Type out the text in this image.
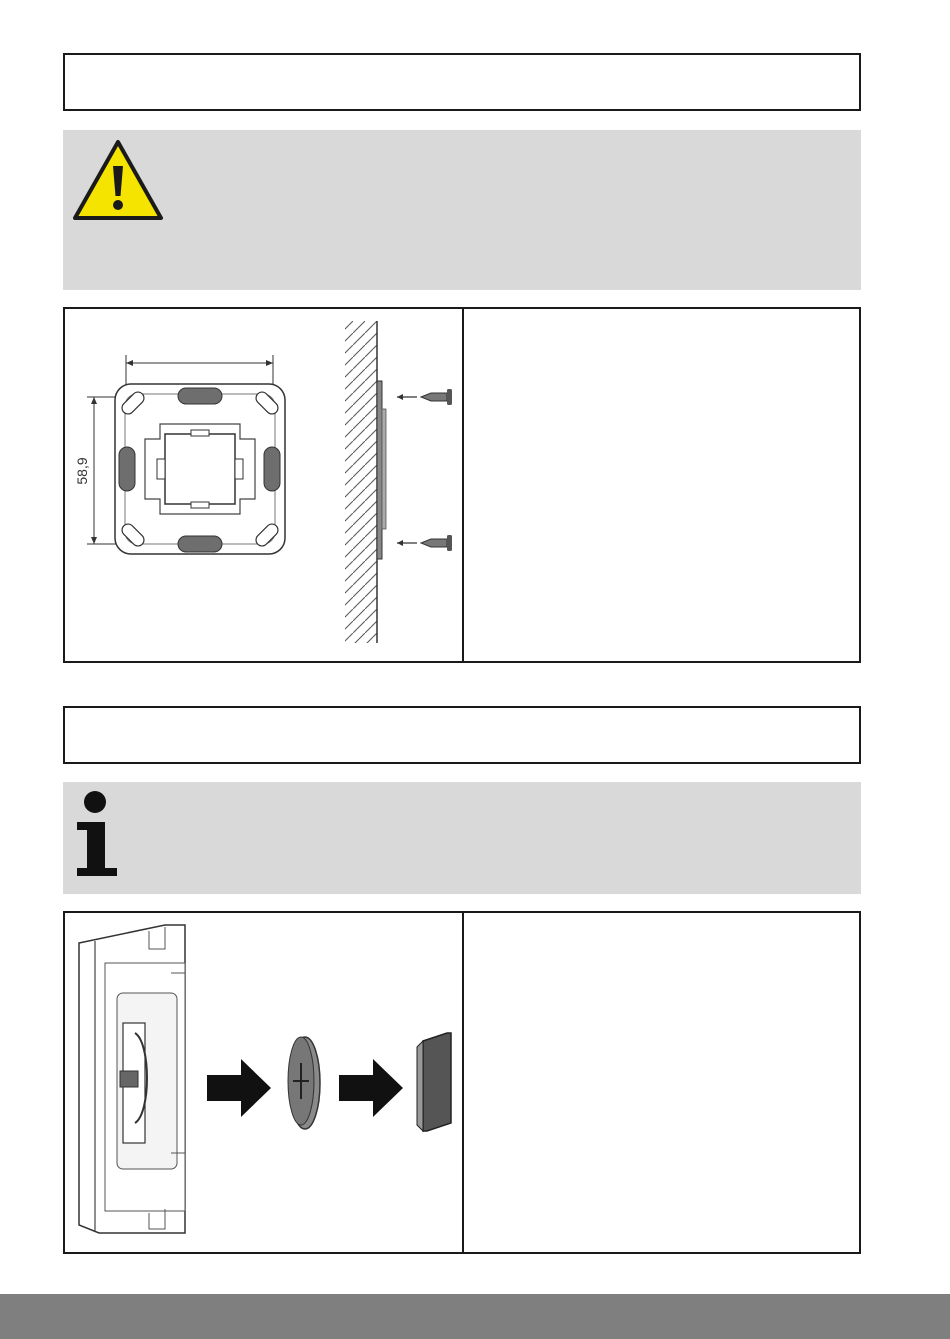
58,9
